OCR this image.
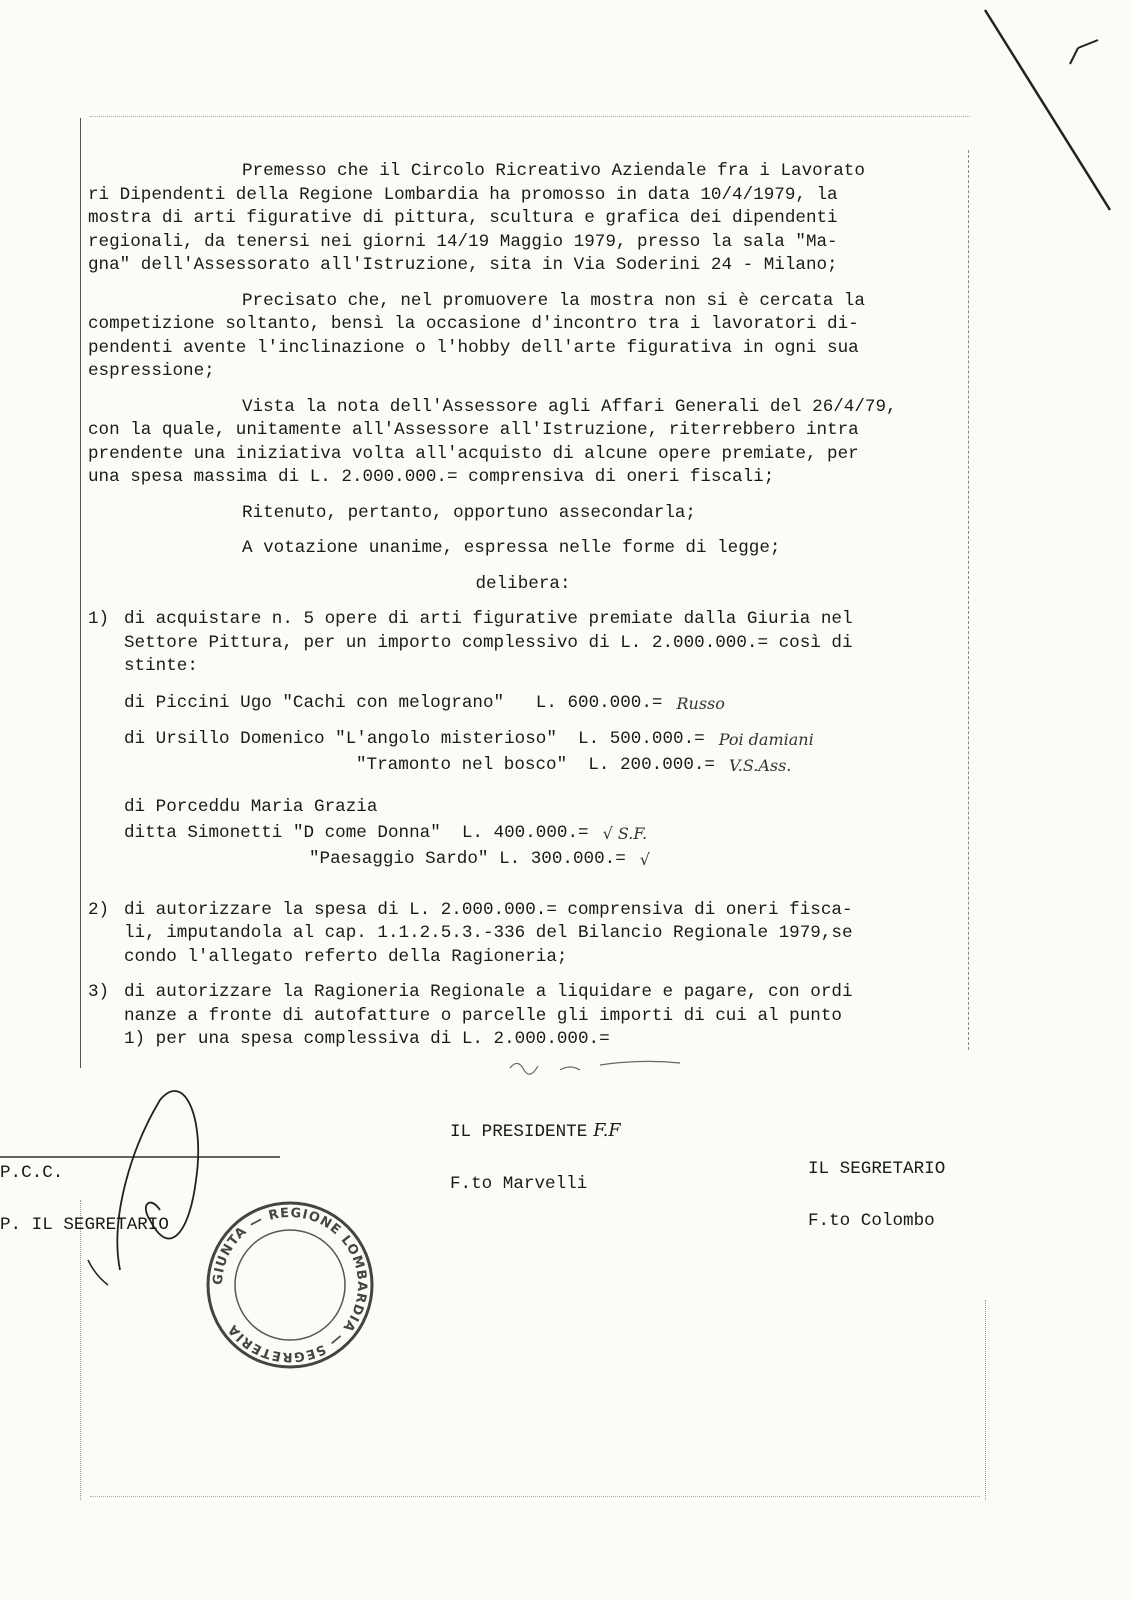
Premesso che il Circolo Ricreativo Aziendale fra i Lavorato
ri Dipendenti della Regione Lombardia ha promosso in data 10/4/1979, la
mostra di arti figurative di pittura, scultura e grafica dei dipendenti
regionali, da tenersi nei giorni 14/19 Maggio 1979, presso la sala "Ma-
gna" dell'Assessorato all'Istruzione, sita in Via Soderini 24 - Milano;

Precisato che, nel promuovere la mostra non si è cercata la
competizione soltanto, bensì la occasione d'incontro tra i lavoratori di-
pendenti avente l'inclinazione o l'hobby dell'arte figurativa in ogni sua
espressione;

Vista la nota dell'Assessore agli Affari Generali del 26/4/79,
con la quale, unitamente all'Assessore all'Istruzione, riterrebbero intra
prendente una iniziativa volta all'acquisto di alcune opere premiate, per
una spesa massima di L. 2.000.000.= comprensiva di oneri fiscali;

Ritenuto, pertanto, opportuno assecondarla;

A votazione unanime, espressa nelle forme di legge;

delibera:

1) di acquistare n. 5 opere di arti figurative premiate dalla Giuria nel
Settore Pittura, per un importo complessivo di L. 2.000.000.= così di
stinte:
di Piccini Ugo
"Cachi con melograno"
L. 600.000.= Russo
di Ursillo Domenico
"L'angolo misterioso"
L. 500.000.= Poi damiani
"Tramonto nel bosco"
L. 200.000.= V.S.Ass.
di Porceddu Maria Grazia
ditta Simonetti
"D come Donna"
L. 400.000.= √ S.F.
"Paesaggio Sardo"
L. 300.000.= √
2) di autorizzare la spesa di L. 2.000.000.= comprensiva di oneri fisca-
li, imputandola al cap. 1.1.2.5.3.-336 del Bilancio Regionale 1979,se
condo l'allegato referto della Ragioneria;
3) di autorizzare la Ragioneria Regionale a liquidare e pagare, con ordi
nanze a fronte di autofatture o parcelle gli importi di cui al punto
1) per una spesa complessiva di L. 2.000.000.=

IL PRESIDENTE F.F

F.to Marvelli

IL SEGRETARIO

F.to Colombo

P.C.C.

P. IL SEGRETARIO

GIUNTA — REGIONE LOMBARDIA — SEGRETERIA
